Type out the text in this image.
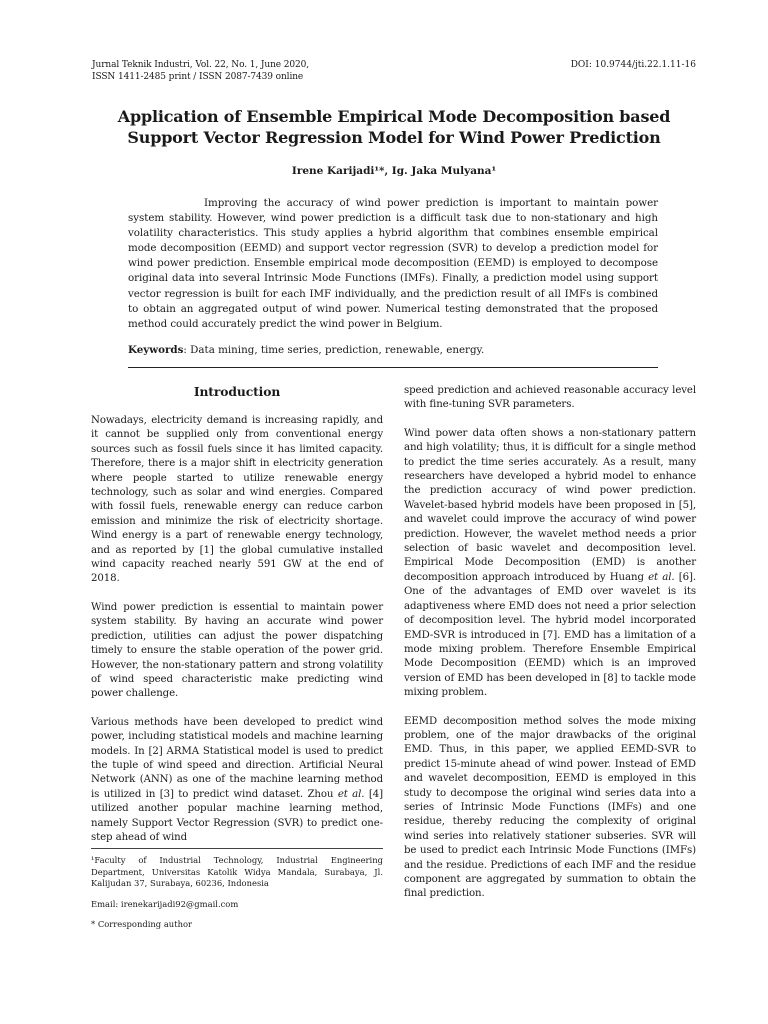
Jurnal Teknik Industri, Vol. 22, No. 1, June 2020,
ISSN 1411-2485 print / ISSN 2087-7439 online
DOI: 10.9744/jti.22.1.11-16
Application of Ensemble Empirical Mode Decomposition based
Support Vector Regression Model for Wind Power Prediction
Irene Karijadi¹*, Ig. Jaka Mulyana¹

Improving the accuracy of wind power prediction is important to maintain power system stability. However, wind power prediction is a difficult task due to non-stationary and high volatility characteristics. This study applies a hybrid algorithm that combines ensemble empirical mode decomposition (EEMD) and support vector regression (SVR) to develop a prediction model for wind power prediction. Ensemble empirical mode decomposition (EEMD) is employed to decompose original data into several Intrinsic Mode Functions (IMFs). Finally, a prediction model using support vector regression is built for each IMF individually, and the prediction result of all IMFs is combined to obtain an aggregated output of wind power. Numerical testing demonstrated that the proposed method could accurately predict the wind power in Belgium.

Keywords: Data mining, time series, prediction, renewable, energy.

Introduction

Nowadays, electricity demand is increasing rapidly, and it cannot be supplied only from conventional energy sources such as fossil fuels since it has limited capacity. Therefore, there is a major shift in electricity generation where people started to utilize renewable energy technology, such as solar and wind energies. Compared with fossil fuels, renewable energy can reduce carbon emission and minimize the risk of electricity shortage. Wind energy is a part of renewable energy technology, and as reported by [1] the global cumulative installed wind capacity reached nearly 591 GW at the end of 2018.

Wind power prediction is essential to maintain power system stability. By having an accurate wind power prediction, utilities can adjust the power dispatching timely to ensure the stable operation of the power grid. However, the non-stationary pattern and strong volatility of wind speed characteristic make predicting wind power challenge.

Various methods have been developed to predict wind power, including statistical models and machine learning models. In [2] ARMA Statistical model is used to predict the tuple of wind speed and direction. Artificial Neural Network (ANN) as one of the machine learning method is utilized in [3] to predict wind dataset. Zhou et al. [4] utilized another popular machine learning method, namely Support Vector Regression (SVR) to predict one-step ahead of wind

speed prediction and achieved reasonable accuracy level with fine-tuning SVR parameters.

Wind power data often shows a non-stationary pattern and high volatility; thus, it is difficult for a single method to predict the time series accurately. As a result, many researchers have developed a hybrid model to enhance the prediction accuracy of wind power prediction. Wavelet-based hybrid models have been proposed in [5], and wavelet could improve the accuracy of wind power prediction. However, the wavelet method needs a prior selection of basic wavelet and decomposition level. Empirical Mode Decomposition (EMD) is another decomposition approach introduced by Huang et al. [6]. One of the advantages of EMD over wavelet is its adaptiveness where EMD does not need a prior selection of decomposition level. The hybrid model incorporated EMD-SVR is introduced in [7]. EMD has a limitation of a mode mixing problem. Therefore Ensemble Empirical Mode Decomposition (EEMD) which is an improved version of EMD has been developed in [8] to tackle mode mixing problem.

EEMD decomposition method solves the mode mixing problem, one of the major drawbacks of the original EMD. Thus, in this paper, we applied EEMD-SVR to predict 15-minute ahead of wind power. Instead of EMD and wavelet decomposition, EEMD is employed in this study to decompose the original wind series data into a series of Intrinsic Mode Functions (IMFs) and one residue, thereby reducing the complexity of original wind series into relatively stationer subseries. SVR will be used to predict each Intrinsic Mode Functions (IMFs) and the residue. Predictions of each IMF and the residue component are aggregated by summation to obtain the final prediction.

¹Faculty of Industrial Technology, Industrial Engineering Department, Universitas Katolik Widya Mandala, Surabaya, Jl. Kalijudan 37, Surabaya, 60236, Indonesia

Email: irenekarijadi92@gmail.com

* Corresponding author
